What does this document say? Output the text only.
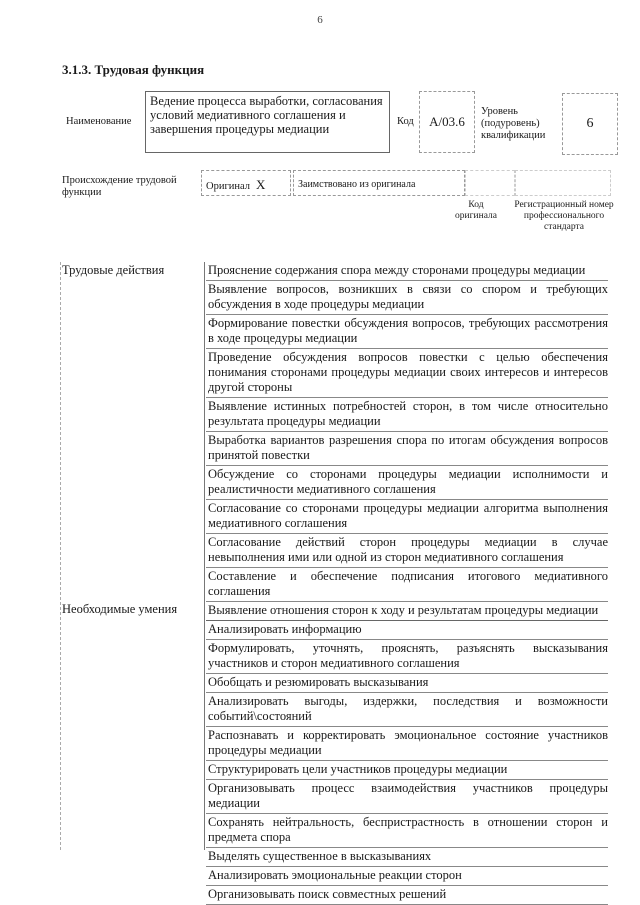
6
3.1.3. Трудовая функция
Наименование
Ведение процесса выработки, согласования условий медиативного соглашения и завершения процедуры медиации
Код	А/03.6
Уровень (подуровень) квалификации
6
Происхождение трудовой функции
Оригинал Х	Заимствовано из оригинала
Код оригинала
Регистрационный номер профессионального стандарта
Трудовые действия
Необходимые умения
Прояснение содержания спора между сторонами процедуры медиации
Выявление вопросов, возникших в связи со спором и требующих обсуждения в ходе процедуры медиации
Формирование повестки обсуждения вопросов, требующих рассмотрения в ходе процедуры медиации
Проведение обсуждения вопросов повестки с целью обеспечения понимания сторонами процедуры медиации своих интересов и интересов другой стороны
Выявление истинных потребностей сторон, в том числе относительно результата процедуры медиации
Выработка вариантов разрешения спора по итогам обсуждения вопросов принятой повестки
Обсуждение со сторонами процедуры медиации исполнимости и реалистичности медиативного соглашения
Согласование со сторонами процедуры медиации алгоритма выполнения медиативного соглашения
Согласование действий сторон процедуры медиации в случае невыполнения ими или одной из сторон медиативного соглашения
Составление и обеспечение подписания итогового медиативного соглашения
Выявление отношения сторон к ходу и результатам процедуры медиации
Анализировать информацию
Формулировать, уточнять, прояснять, разъяснять высказывания участников и сторон медиативного соглашения
Обобщать и резюмировать высказывания
Анализировать выгоды, издержки, последствия и возможности событий\состояний
Распознавать и корректировать эмоциональное состояние участников процедуры медиации
Структурировать цели участников процедуры медиации
Организовывать процесс взаимодействия участников процедуры медиации
Сохранять нейтральность, беспристрастность в отношении сторон и предмета спора
Выделять существенное в высказываниях
Анализировать эмоциональные реакции сторон
Организовывать поиск совместных решений
